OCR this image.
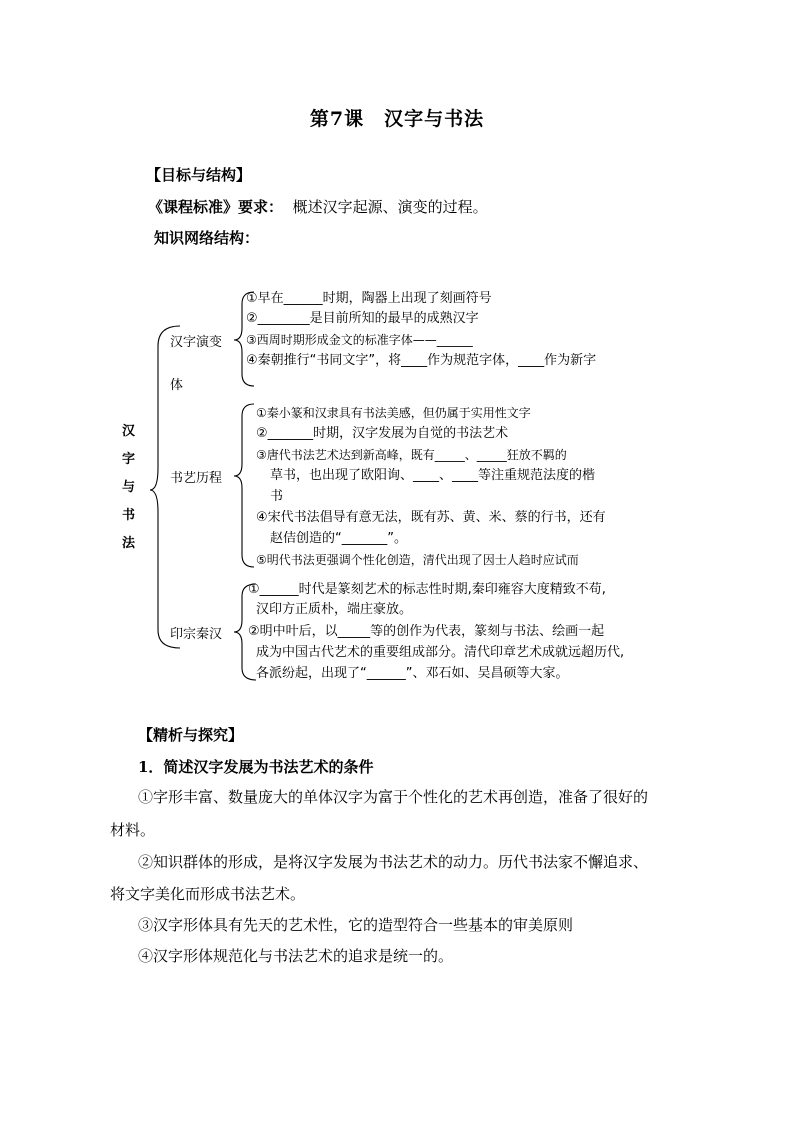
第7课　汉字与书法
【目标与结构】
《课程标准》要求： 概述汉字起源、演变的过程。
知识网络结构：
汉
字
与
书
法
汉字演变
体
①早在______时期，陶器上出现了刻画符号
②________是目前所知的最早的成熟汉字
③西周时期形成金文的标准字体——______
④秦朝推行“书同文字”，将____作为规范字体，____作为新字
书艺历程
①秦小篆和汉隶具有书法美感，但仍属于实用性文字
②_______时期，汉字发展为自觉的书法艺术
③唐代书法艺术达到新高峰，既有_____、_____狂放不羁的
草书，也出现了欧阳询、____、____等注重规范法度的楷
书
④宋代书法倡导有意无法，既有苏、黄、米、蔡的行书，还有
赵佶创造的“_______”。
⑤明代书法更强调个性化创造，清代出现了因士人趋时应试而
印宗秦汉
①______时代是篆刻艺术的标志性时期,秦印雍容大度精致不苟,
汉印方正质朴，端庄豪放。
②明中叶后，以_____等的创作为代表，篆刻与书法、绘画一起
成为中国古代艺术的重要组成部分。清代印章艺术成就远超历代,
各派纷起，出现了“______”、邓石如、吴昌硕等大家。
【精析与探究】
1．简述汉字发展为书法艺术的条件
①字形丰富、数量庞大的单体汉字为富于个性化的艺术再创造，准备了很好的
材料。
②知识群体的形成，是将汉字发展为书法艺术的动力。历代书法家不懈追求、
将文字美化而形成书法艺术。
③汉字形体具有先天的艺术性，它的造型符合一些基本的审美原则
④汉字形体规范化与书法艺术的追求是统一的。
